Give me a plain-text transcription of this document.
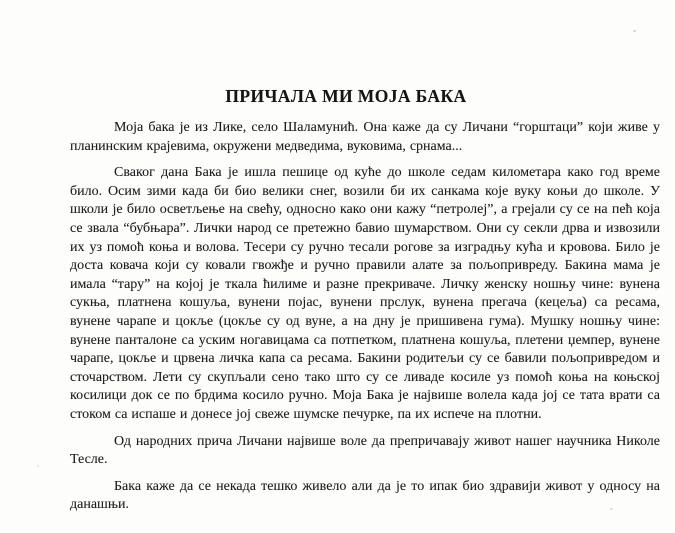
ПРИЧАЛА МИ МОЈА БАКА

Моја бака је из Лике, село Шаламунић. Она каже да су Личани “горштаци” који живе у планинским крајевима, окружени медведима, вуковима, срнама...

Сваког дана Бака је ишла пешице од куће до школе седам километара како год време било. Осим зими када би био велики снег, возили би их санкама које вуку коњи до школе. У школи је било осветљење на свећу, односно како они кажу “петролеј”, а грејали су се на пећ која се звала “бубњара”. Лички народ се претежно бавио шумарством. Они су секли дрва и извозили их уз помоћ коња и волова. Тесери су ручно тесали рогове за изградњу кућа и кровова. Било је доста ковача који су ковали гвожђе и ручно правили алате за пољопривреду. Бакина мама је имала “тару” на којој је ткала ћилиме и разне прекриваче. Личку женску ношњу чине: вунена сукња, платнена кошуља, вунени појас, вунени прслук, вунена прегача (кецеља) са ресама, вунене чарапе и цокље (цокље су од вуне, а на дну је пришивена гума). Мушку ношњу чине: вунене панталоне са уским ногавицама са потпетком, платнена кошуља, плетени џемпер, вунене чарапе, цокље и црвена личка капа са ресама. Бакини родитељи су се бавили пољопривредом и сточарством. Лети су скупљали сено тако што су се ливаде косиле уз помоћ коња на коњској косилици док се по брдима косило ручно. Моја Бака је највише волела када јој се тата врати са стоком са испаше и донесе јој свеже шумске печурке, па их испече на плотни.

Од народних прича Личани највише воле да препричавају живот нашег научника Николе Тесле.

Бака каже да се некада тешко живело али да је то ипак био здравији живот у односу на данашњи.
